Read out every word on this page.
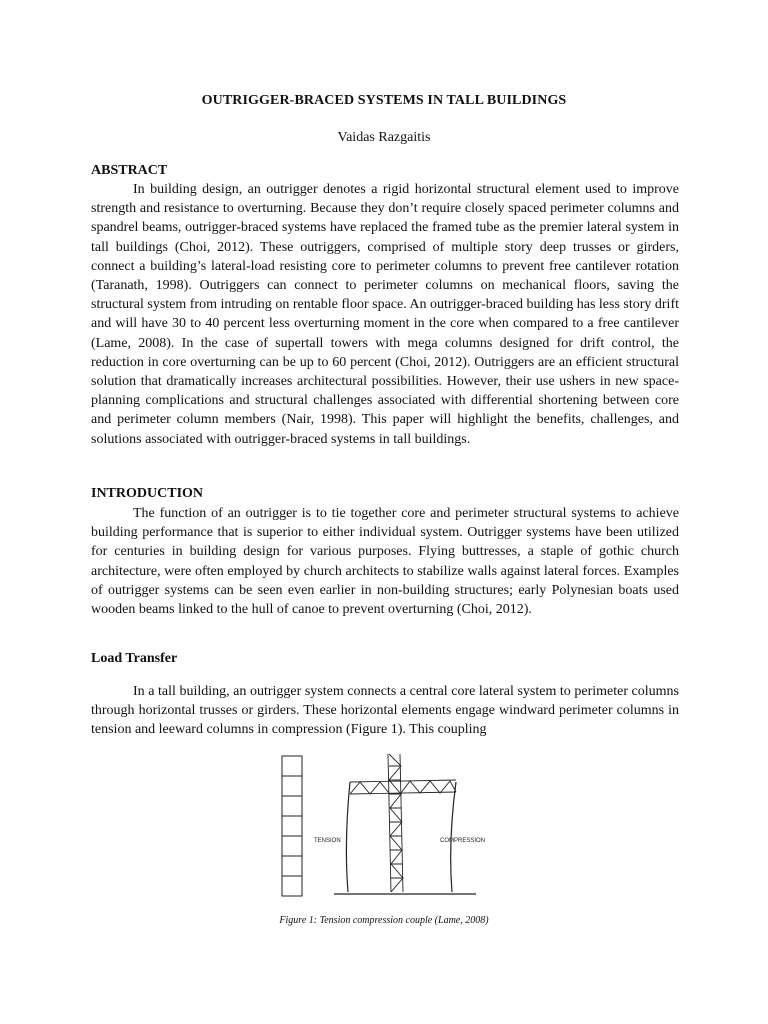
OUTRIGGER-BRACED SYSTEMS IN TALL BUILDINGS
Vaidas Razgaitis
ABSTRACT

In building design, an outrigger denotes a rigid horizontal structural element used to improve strength and resistance to overturning. Because they don’t require closely spaced perimeter columns and spandrel beams, outrigger-braced systems have replaced the framed tube as the premier lateral system in tall buildings (Choi, 2012). These outriggers, comprised of multiple story deep trusses or girders, connect a building’s lateral-load resisting core to perimeter columns to prevent free cantilever rotation (Taranath, 1998). Outriggers can connect to perimeter columns on mechanical floors, saving the structural system from intruding on rentable floor space. An outrigger-braced building has less story drift and will have 30 to 40 percent less overturning moment in the core when compared to a free cantilever (Lame, 2008). In the case of supertall towers with mega columns designed for drift control, the reduction in core overturning can be up to 60 percent (Choi, 2012). Outriggers are an efficient structural solution that dramatically increases architectural possibilities. However, their use ushers in new space-planning complications and structural challenges associated with differential shortening between core and perimeter column members (Nair, 1998). This paper will highlight the benefits, challenges, and solutions associated with outrigger-braced systems in tall buildings.

INTRODUCTION

The function of an outrigger is to tie together core and perimeter structural systems to achieve building performance that is superior to either individual system. Outrigger systems have been utilized for centuries in building design for various purposes. Flying buttresses, a staple of gothic church architecture, were often employed by church architects to stabilize walls against lateral forces. Examples of outrigger systems can be seen even earlier in non-building structures; early Polynesian boats used wooden beams linked to the hull of canoe to prevent overturning (Choi, 2012).

Load Transfer

In a tall building, an outrigger system connects a central core lateral system to perimeter columns through horizontal trusses or girders. These horizontal elements engage windward perimeter columns in tension and leeward columns in compression (Figure 1). This coupling

TENSION	COMPRESSION
Figure 1: Tension compression couple (Lame, 2008)
